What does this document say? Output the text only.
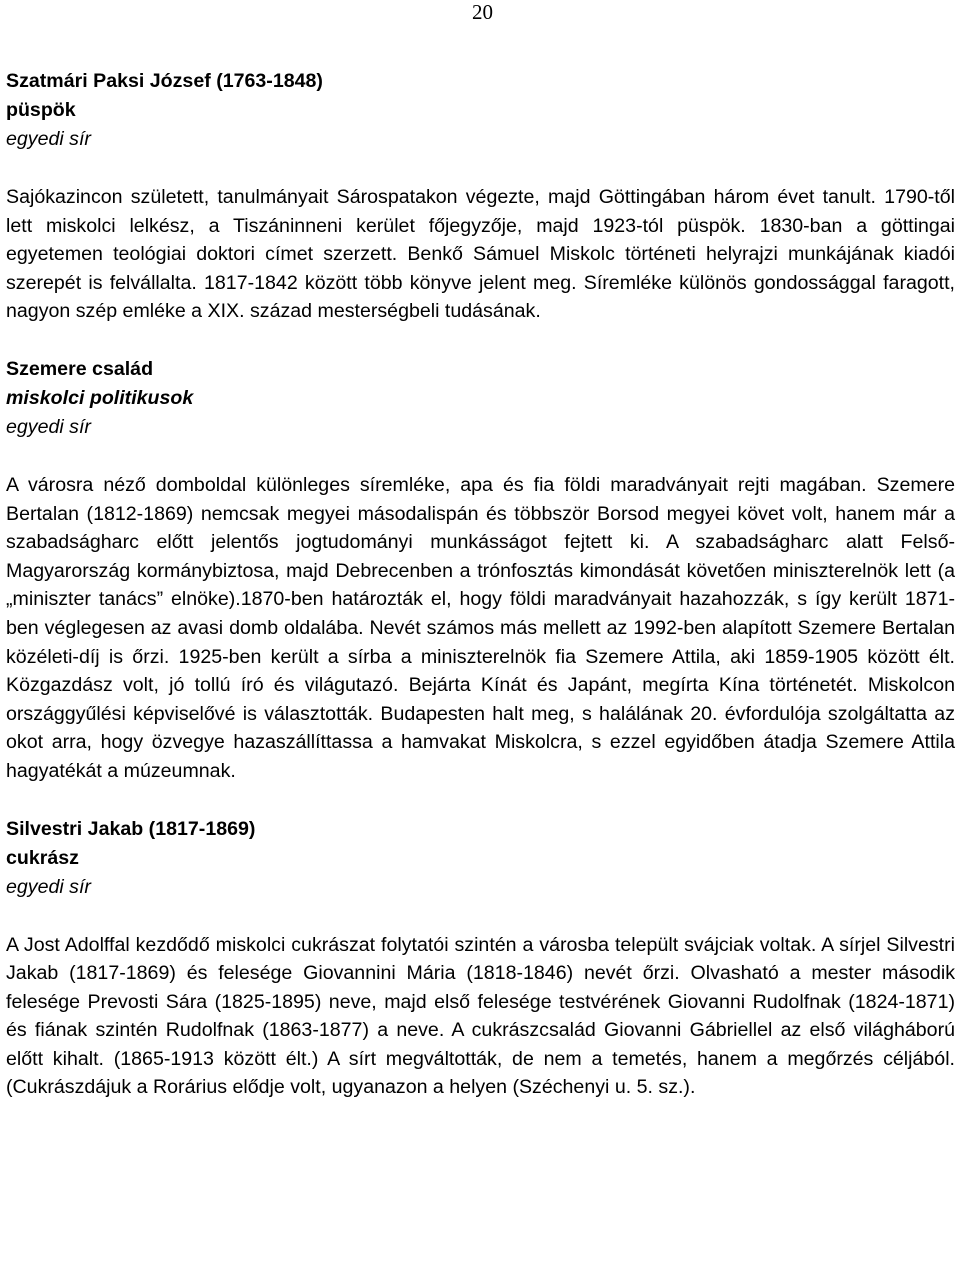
20

Szatmári Paksi József (1763-1848)

püspök

egyedi sír

Sajókazincon született, tanulmányait Sárospatakon végezte, majd Göttingában három évet tanult. 1790-től lett miskolci lelkész, a Tiszáninneni kerület főjegyzője, majd 1923-tól püspök. 1830-ban a göttingai egyetemen teológiai doktori címet szerzett. Benkő Sámuel Miskolc történeti helyrajzi munkájának kiadói szerepét is felvállalta. 1817-1842 között több könyve jelent meg. Síremléke különös gondossággal faragott, nagyon szép emléke a XIX. század mesterségbeli tudásának.

Szemere család

miskolci politikusok

egyedi sír

A városra néző domboldal különleges síremléke, apa és fia földi maradványait rejti magában. Szemere Bertalan (1812-1869) nemcsak megyei másodalispán és többször Borsod megyei követ volt, hanem már a szabadságharc előtt jelentős jogtudományi munkásságot fejtett ki. A szabadságharc alatt Felső-Magyarország kormánybiztosa, majd Debrecenben a trónfosztás kimondását követően miniszterelnök lett (a „miniszter tanács” elnöke).1870-ben határozták el, hogy földi maradványait hazahozzák, s így került 1871-ben véglegesen az avasi domb oldalába. Nevét számos más mellett az 1992-ben alapított Szemere Bertalan közéleti-díj is őrzi. 1925-ben került a sírba a miniszterelnök fia Szemere Attila, aki 1859-1905 között élt. Közgazdász volt, jó tollú író és világutazó. Bejárta Kínát és Japánt, megírta Kína történetét. Miskolcon országgyűlési képviselővé is választották. Budapesten halt meg, s halálának 20. évfordulója szolgáltatta az okot arra, hogy özvegye hazaszállíttassa a hamvakat Miskolcra, s ezzel egyidőben átadja Szemere Attila hagyatékát a múzeumnak.

Silvestri Jakab (1817-1869)

cukrász

egyedi sír

A Jost Adolffal kezdődő miskolci cukrászat folytatói szintén a városba települt svájciak voltak. A sírjel Silvestri Jakab (1817-1869) és felesége Giovannini Mária (1818-1846) nevét őrzi. Olvasható a mester második felesége Prevosti Sára (1825-1895) neve, majd első felesége testvérének Giovanni Rudolfnak (1824-1871) és fiának szintén Rudolfnak (1863-1877) a neve. A cukrászcsalád Giovanni Gábriellel az első világháború előtt kihalt. (1865-1913 között élt.) A sírt megváltották, de nem a temetés, hanem a megőrzés céljából. (Cukrászdájuk a Rorárius elődje volt, ugyanazon a helyen (Széchenyi u. 5. sz.).
